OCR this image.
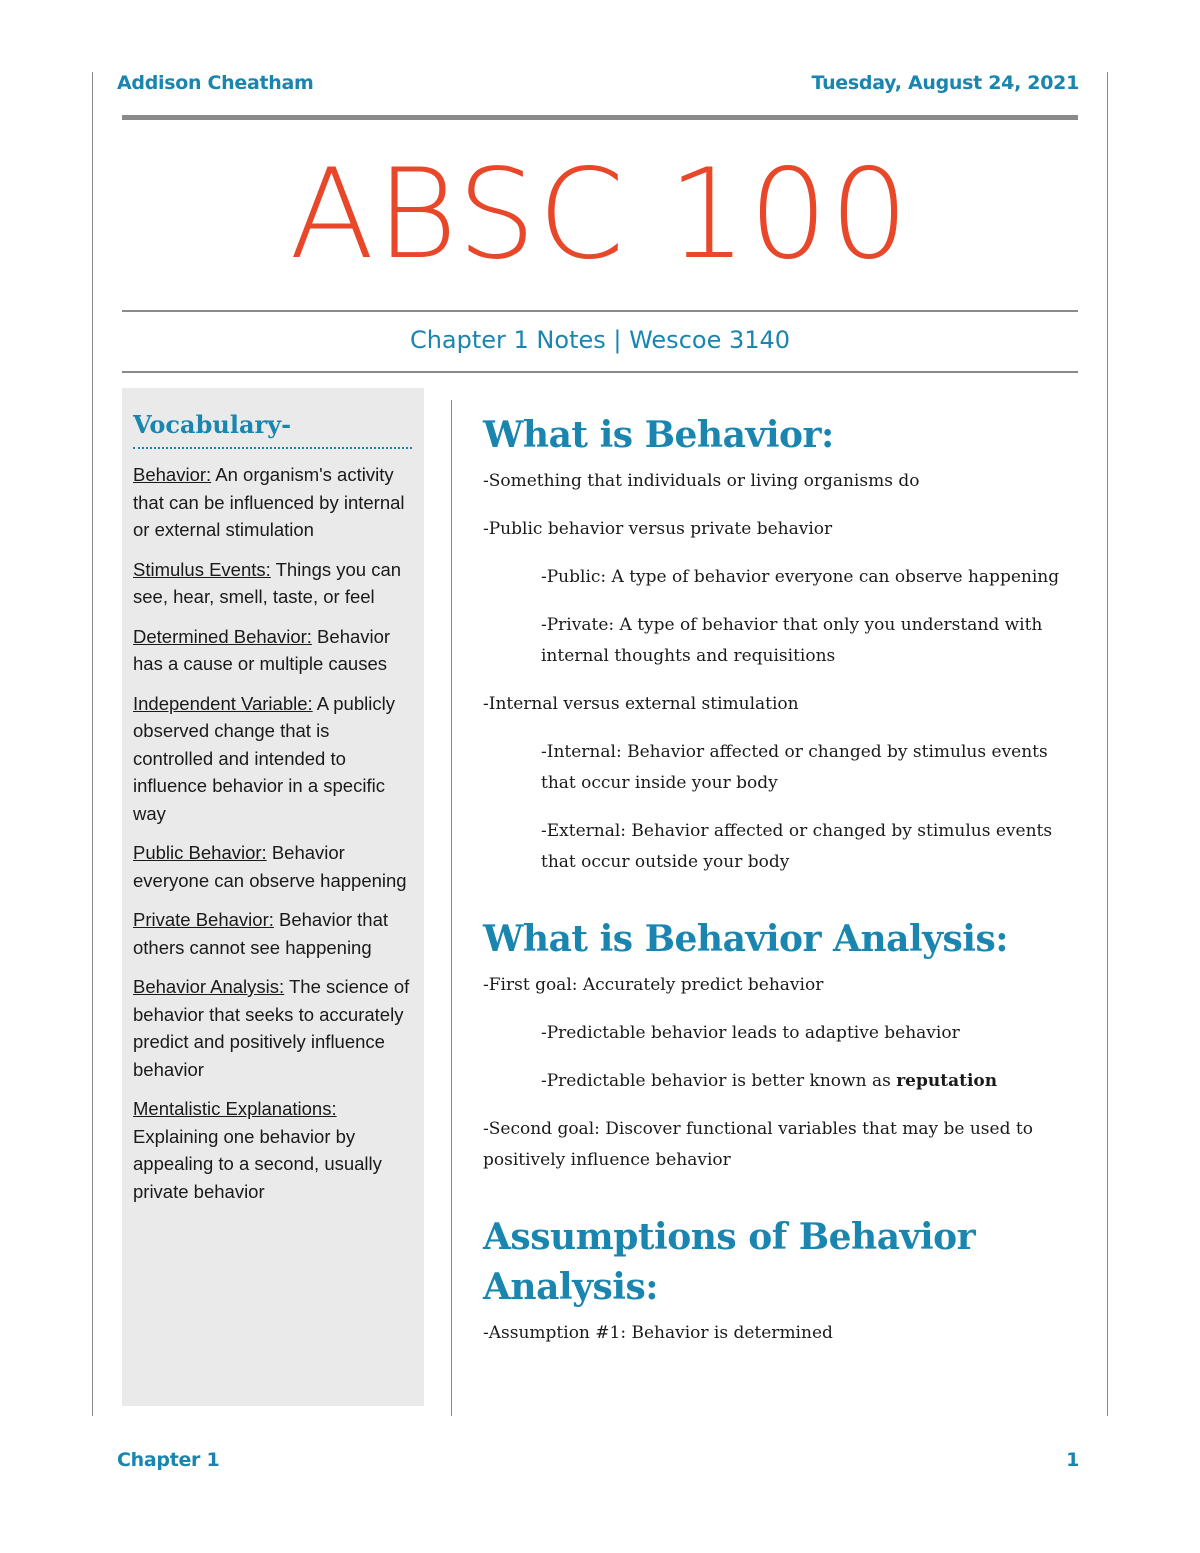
Addison Cheatham	Tuesday, August 24, 2021
ABSC 100
Chapter 1 Notes | Wescoe 3140
Vocabulary-
Behavior: An organism's activity that can be influenced by internal or external stimulation
Stimulus Events: Things you can see, hear, smell, taste, or feel
Determined Behavior: Behavior has a cause or multiple causes
Independent Variable: A publicly observed change that is controlled and intended to influence behavior in a specific way
Public Behavior: Behavior everyone can observe happening
Private Behavior: Behavior that others cannot see happening
Behavior Analysis: The science of behavior that seeks to accurately predict and positively influence behavior
Mentalistic Explanations: Explaining one behavior by appealing to a second, usually private behavior
What is Behavior:

-Something that individuals or living organisms do

-Public behavior versus private behavior

-Public: A type of behavior everyone can observe happening

-Private: A type of behavior that only you understand with internal thoughts and requisitions

-Internal versus external stimulation

-Internal: Behavior affected or changed by stimulus events that occur inside your body

-External: Behavior affected or changed by stimulus events that occur outside your body

What is Behavior Analysis:

-First goal: Accurately predict behavior

-Predictable behavior leads to adaptive behavior

-Predictable behavior is better known as reputation

-Second goal: Discover functional variables that may be used to positively influence behavior

Assumptions of Behavior Analysis:

-Assumption #1: Behavior is determined

Chapter 1	1
